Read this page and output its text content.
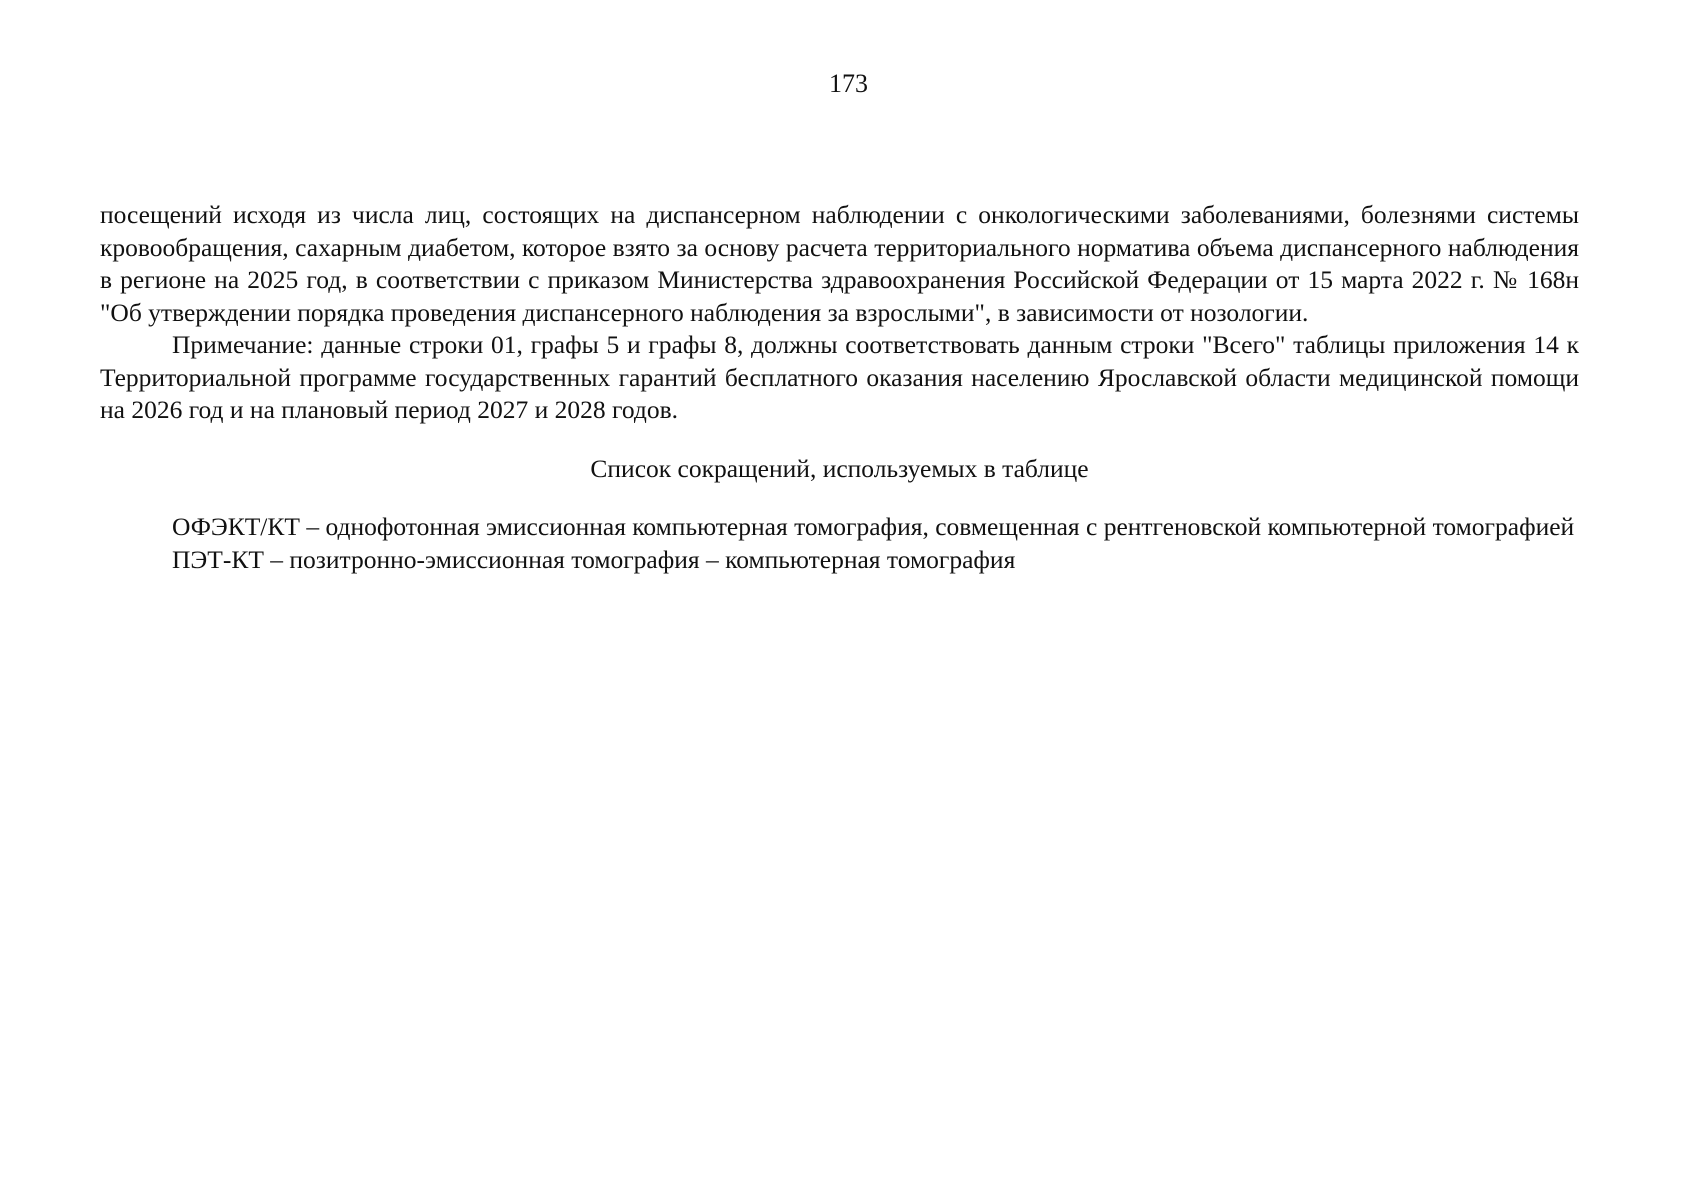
173

посещений исходя из числа лиц, состоящих на диспансерном наблюдении с онкологическими заболеваниями, болезнями системы кровообращения, сахарным диабетом, которое взято за основу расчета территориального норматива объема диспансерного наблюдения в регионе на 2025 год, в соответствии с приказом Министерства здравоохранения Российской Федерации от 15 марта 2022 г. № 168н "Об утверждении порядка проведения диспансерного наблюдения за взрослыми", в зависимости от нозологии.

Примечание: данные строки 01, графы 5 и графы 8, должны соответствовать данным строки "Всего" таблицы приложения 14 к Территориальной программе государственных гарантий бесплатного оказания населению Ярославской области медицинской помощи на 2026 год и на плановый период 2027 и 2028 годов.

Список сокращений, используемых в таблице

ОФЭКТ/КТ – однофотонная эмиссионная компьютерная томография, совмещенная с рентгеновской компьютерной томографией

ПЭТ-КТ – позитронно-эмиссионная томография – компьютерная томография
